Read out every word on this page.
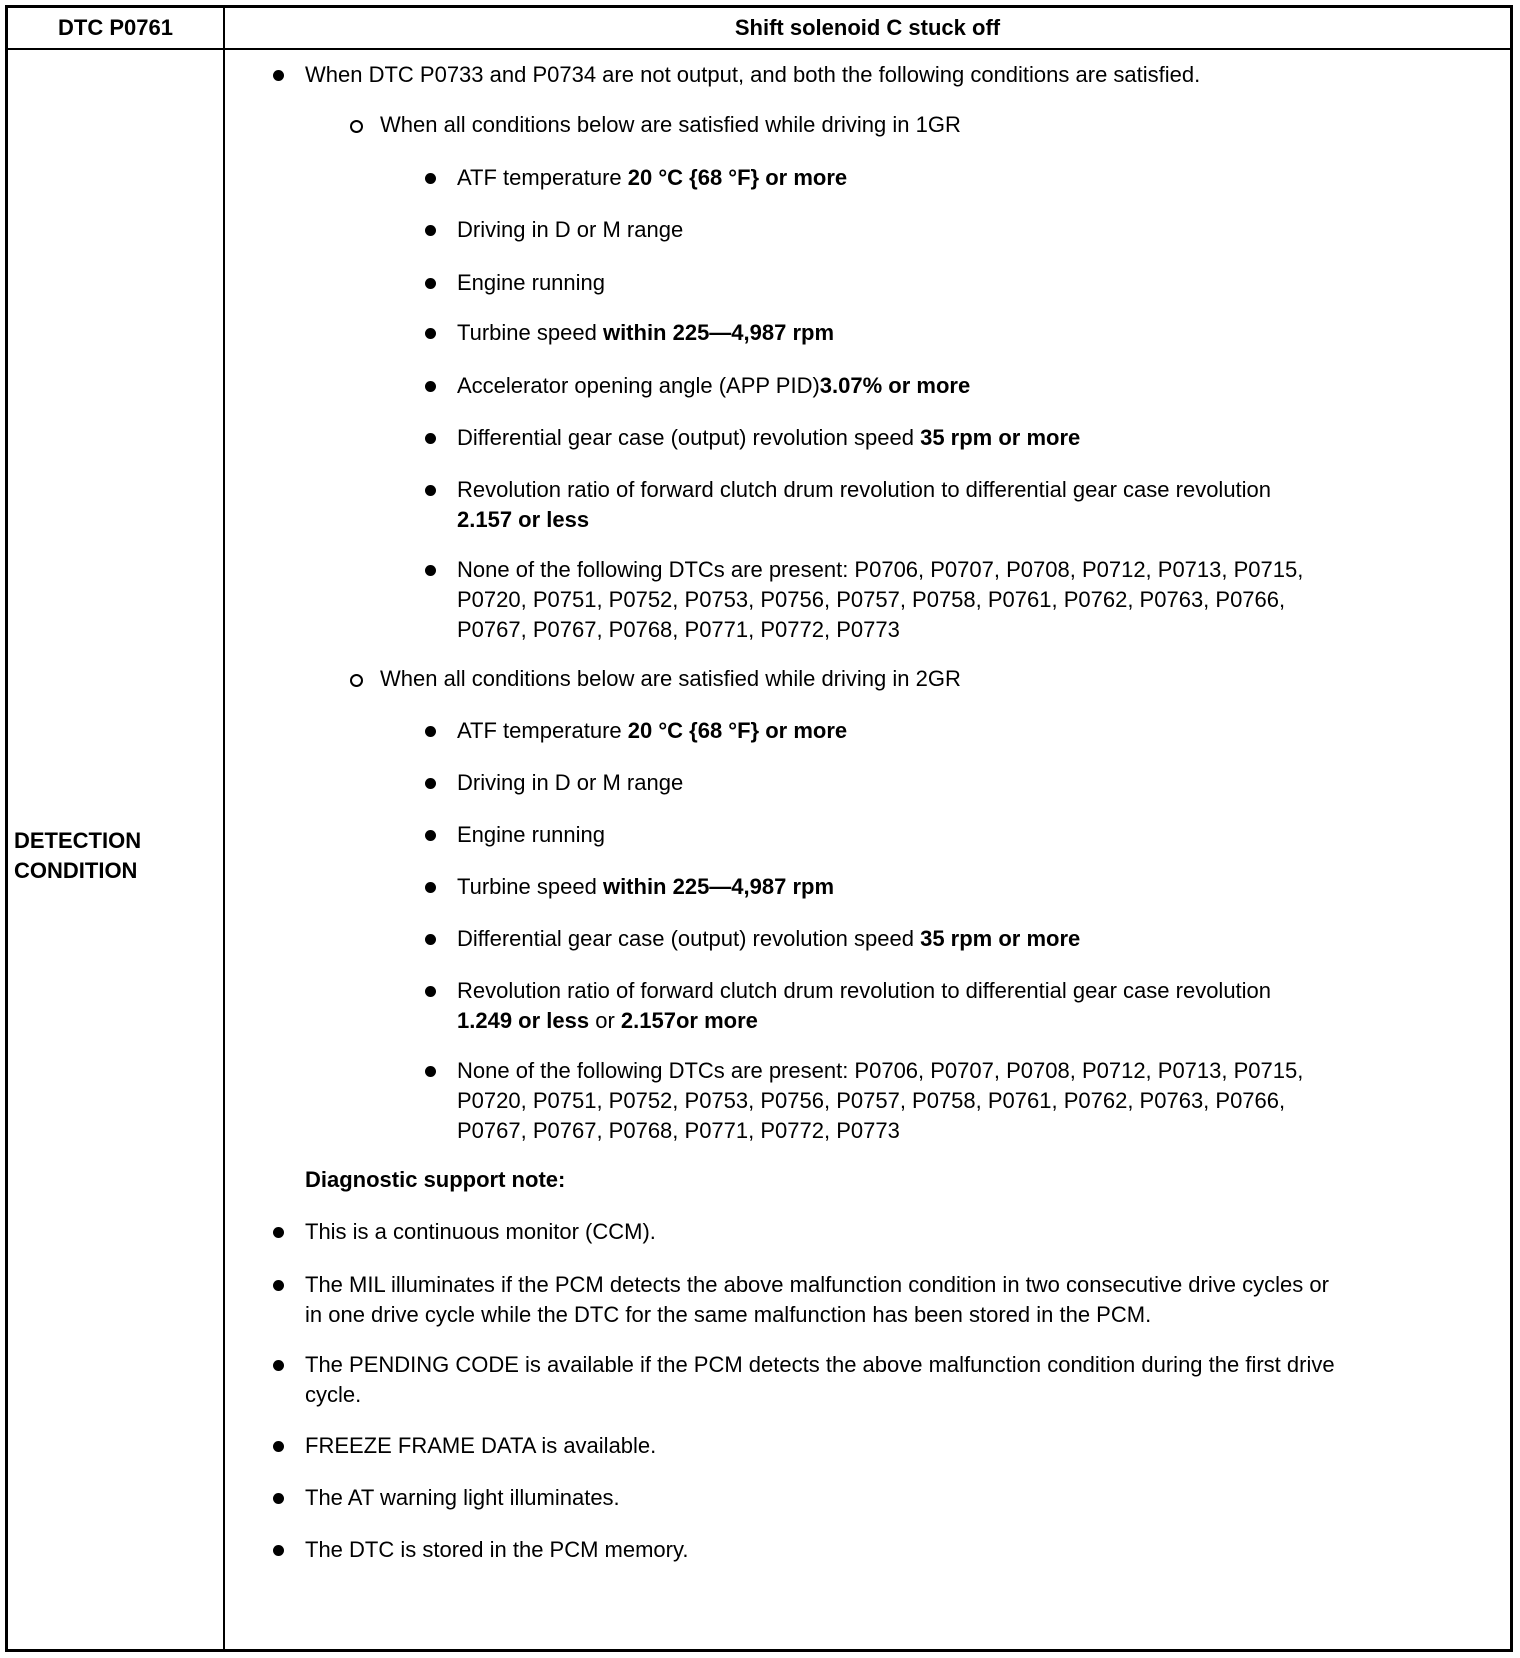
DTC P0761	Shift solenoid C stuck off
DETECTION
CONDITION
When DTC P0733 and P0734 are not output, and both the following conditions are satisfied.
When all conditions below are satisfied while driving in 1GR
ATF temperature 20 °C {68 °F} or more
Driving in D or M range
Engine running
Turbine speed within 225—4,987 rpm
Accelerator opening angle (APP PID)3.07% or more
Differential gear case (output) revolution speed 35 rpm or more
Revolution ratio of forward clutch drum revolution to differential gear case revolution
2.157 or less
None of the following DTCs are present: P0706, P0707, P0708, P0712, P0713, P0715,
P0720, P0751, P0752, P0753, P0756, P0757, P0758, P0761, P0762, P0763, P0766,
P0767, P0767, P0768, P0771, P0772, P0773
When all conditions below are satisfied while driving in 2GR
ATF temperature 20 °C {68 °F} or more
Driving in D or M range
Engine running
Turbine speed within 225—4,987 rpm
Differential gear case (output) revolution speed 35 rpm or more
Revolution ratio of forward clutch drum revolution to differential gear case revolution
1.249 or less or 2.157or more
None of the following DTCs are present: P0706, P0707, P0708, P0712, P0713, P0715,
P0720, P0751, P0752, P0753, P0756, P0757, P0758, P0761, P0762, P0763, P0766,
P0767, P0767, P0768, P0771, P0772, P0773
Diagnostic support note:
This is a continuous monitor (CCM).
The MIL illuminates if the PCM detects the above malfunction condition in two consecutive drive cycles or
in one drive cycle while the DTC for the same malfunction has been stored in the PCM.
The PENDING CODE is available if the PCM detects the above malfunction condition during the first drive
cycle.
FREEZE FRAME DATA is available.
The AT warning light illuminates.
The DTC is stored in the PCM memory.
